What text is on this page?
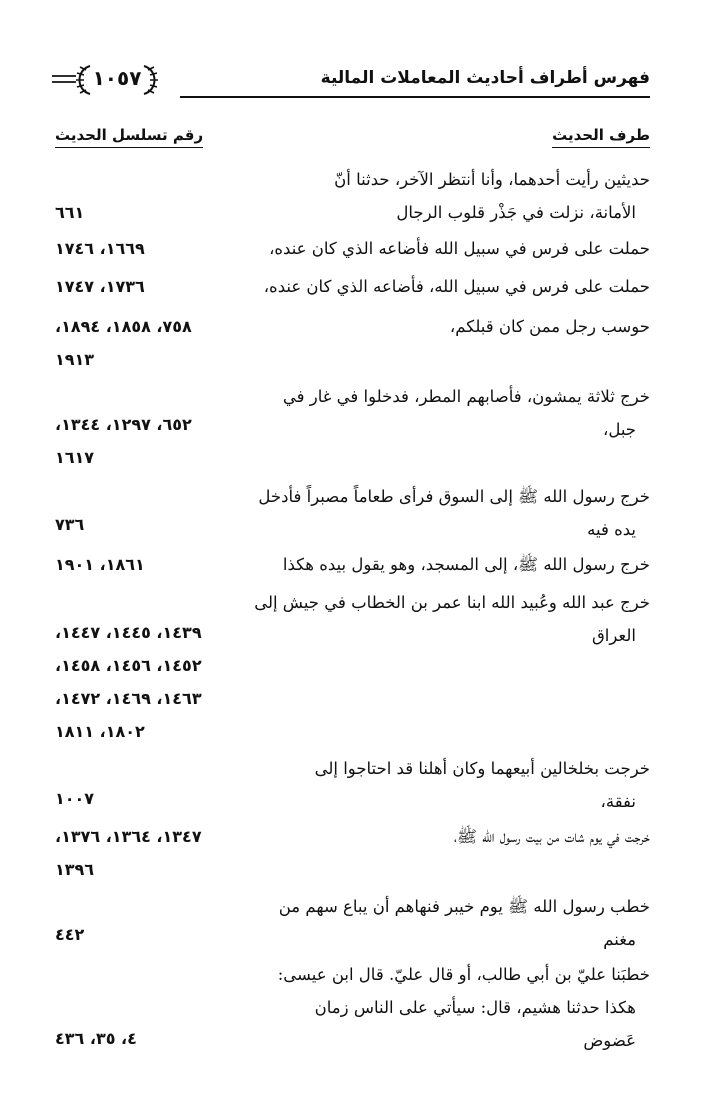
فهرس أطراف أحاديث المعاملات المالية
١٠٥٧
طرف الحديث
رقم تسلسل الحديث
حديثين رأيت أحدهما، وأنا أنتظر الآخر، حدثنا أنّ
الأمانة، نزلت في جَذْر قلوب الرجال
٦٦١
حملت على فرس في سبيل الله فأضاعه الذي كان عنده،
١٦٦٩، ١٧٤٦
حملت على فرس في سبيل الله، فأضاعه الذي كان عنده،
١٧٣٦، ١٧٤٧
حوسب رجل ممن كان قبلكم،
٧٥٨، ١٨٥٨، ١٨٩٤،
١٩١٣
خرج ثلاثة يمشون، فأصابهم المطر، فدخلوا في غار في
جبل،
٦٥٢، ١٢٩٧، ١٣٤٤،
١٦١٧
خرج رسول الله ﷺ إلى السوق فرأى طعاماً مصبراً فأدخل
يده فيه
٧٣٦
خرج رسول الله ﷺ، إلى المسجد، وهو يقول بيده هكذا
١٨٦١، ١٩٠١
خرج عبد الله وعُبيد الله ابنا عمر بن الخطاب في جيش إلى
العراق
١٤٣٩، ١٤٤٥، ١٤٤٧،
١٤٥٢، ١٤٥٦، ١٤٥٨،
١٤٦٣، ١٤٦٩، ١٤٧٢،
١٨٠٢، ١٨١١
خرجت بخلخالين أبيعهما وكان أهلنا قد احتاجوا إلى
نفقة،
١٠٠٧
خرجت في يوم شات من بيت رسول الله ﷺ،
١٣٤٧، ١٣٦٤، ١٣٧٦،
١٣٩٦
خطب رسول الله ﷺ يوم خيبر فنهاهم أن يباع سهم من
مغنم
٤٤٢
خطبَنا عليّ بن أبي طالب، أو قال عليّ. قال ابن عيسى:
هكذا حدثنا هشيم، قال: سيأتي على الناس زمان
عَضوض
٤، ٣٥، ٤٣٦
